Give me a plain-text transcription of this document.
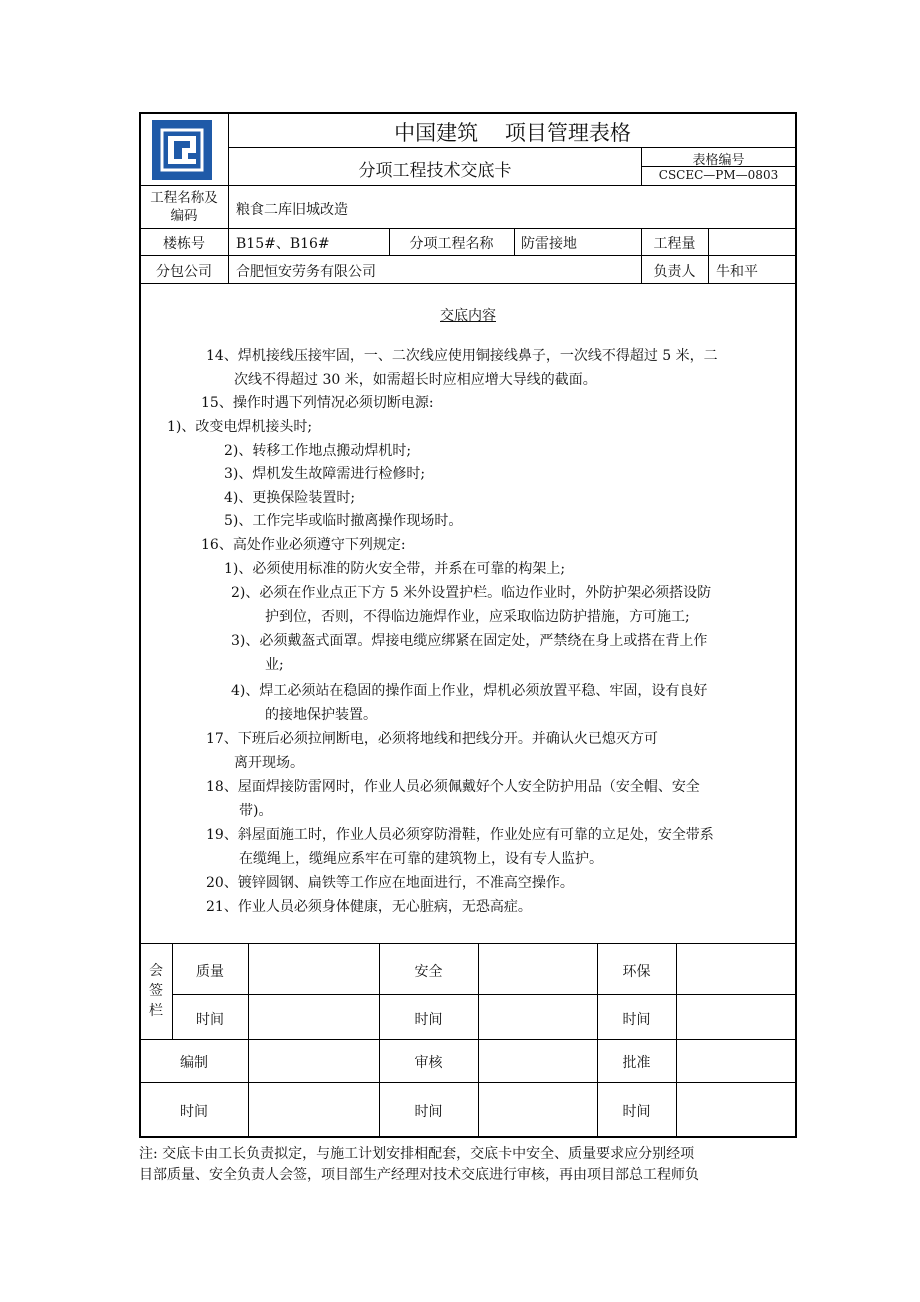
中国建筑 项目管理表格
分项工程技术交底卡
表格编号
CSCEC—PM—0803
工程名称及
编码	粮食二库旧城改造
楼栋号	B15#、B16#	分项工程名称	防雷接地	工程量
分包公司	合肥恒安劳务有限公司	负责人	牛和平
交底内容

14、焊机接线压接牢固，一、二次线应使用铜接线鼻子，一次线不得超过 5 米，二

次线不得超过 30 米，如需超长时应相应增大导线的截面。

15、操作时遇下列情况必须切断电源:

1)、改变电焊机接头时;

2)、转移工作地点搬动焊机时;

3)、焊机发生故障需进行检修时;

4)、更换保险装置时;

5)、工作完毕或临时撤离操作现场时。

16、高处作业必须遵守下列规定:

1)、必须使用标准的防火安全带，并系在可靠的构架上;

2)、必须在作业点正下方 5 米外设置护栏。临边作业时，外防护架必须搭设防

护到位，否则，不得临边施焊作业，应采取临边防护措施，方可施工;

3)、必须戴盔式面罩。焊接电缆应绑紧在固定处，严禁绕在身上或搭在背上作

业;

4)、焊工必须站在稳固的操作面上作业，焊机必须放置平稳、牢固，设有良好

的接地保护装置。

17、下班后必须拉闸断电，必须将地线和把线分开。并确认火已熄灭方可

离开现场。

18、屋面焊接防雷网时，作业人员必须佩戴好个人安全防护用品（安全帽、安全

带)。

19、斜屋面施工时，作业人员必须穿防滑鞋，作业处应有可靠的立足处，安全带系

在缆绳上，缆绳应系牢在可靠的建筑物上，设有专人监护。

20、镀锌圆钢、扁铁等工作应在地面进行，不准高空操作。

21、作业人员必须身体健康，无心脏病，无恐高症。

会
签
栏
质量	安全	环保
时间	时间	时间
编制	审核	批准
时间	时间	时间
注: 交底卡由工长负责拟定，与施工计划安排相配套，交底卡中安全、质量要求应分别经项
目部质量、安全负责人会签，项目部生产经理对技术交底进行审核，再由项目部总工程师负
